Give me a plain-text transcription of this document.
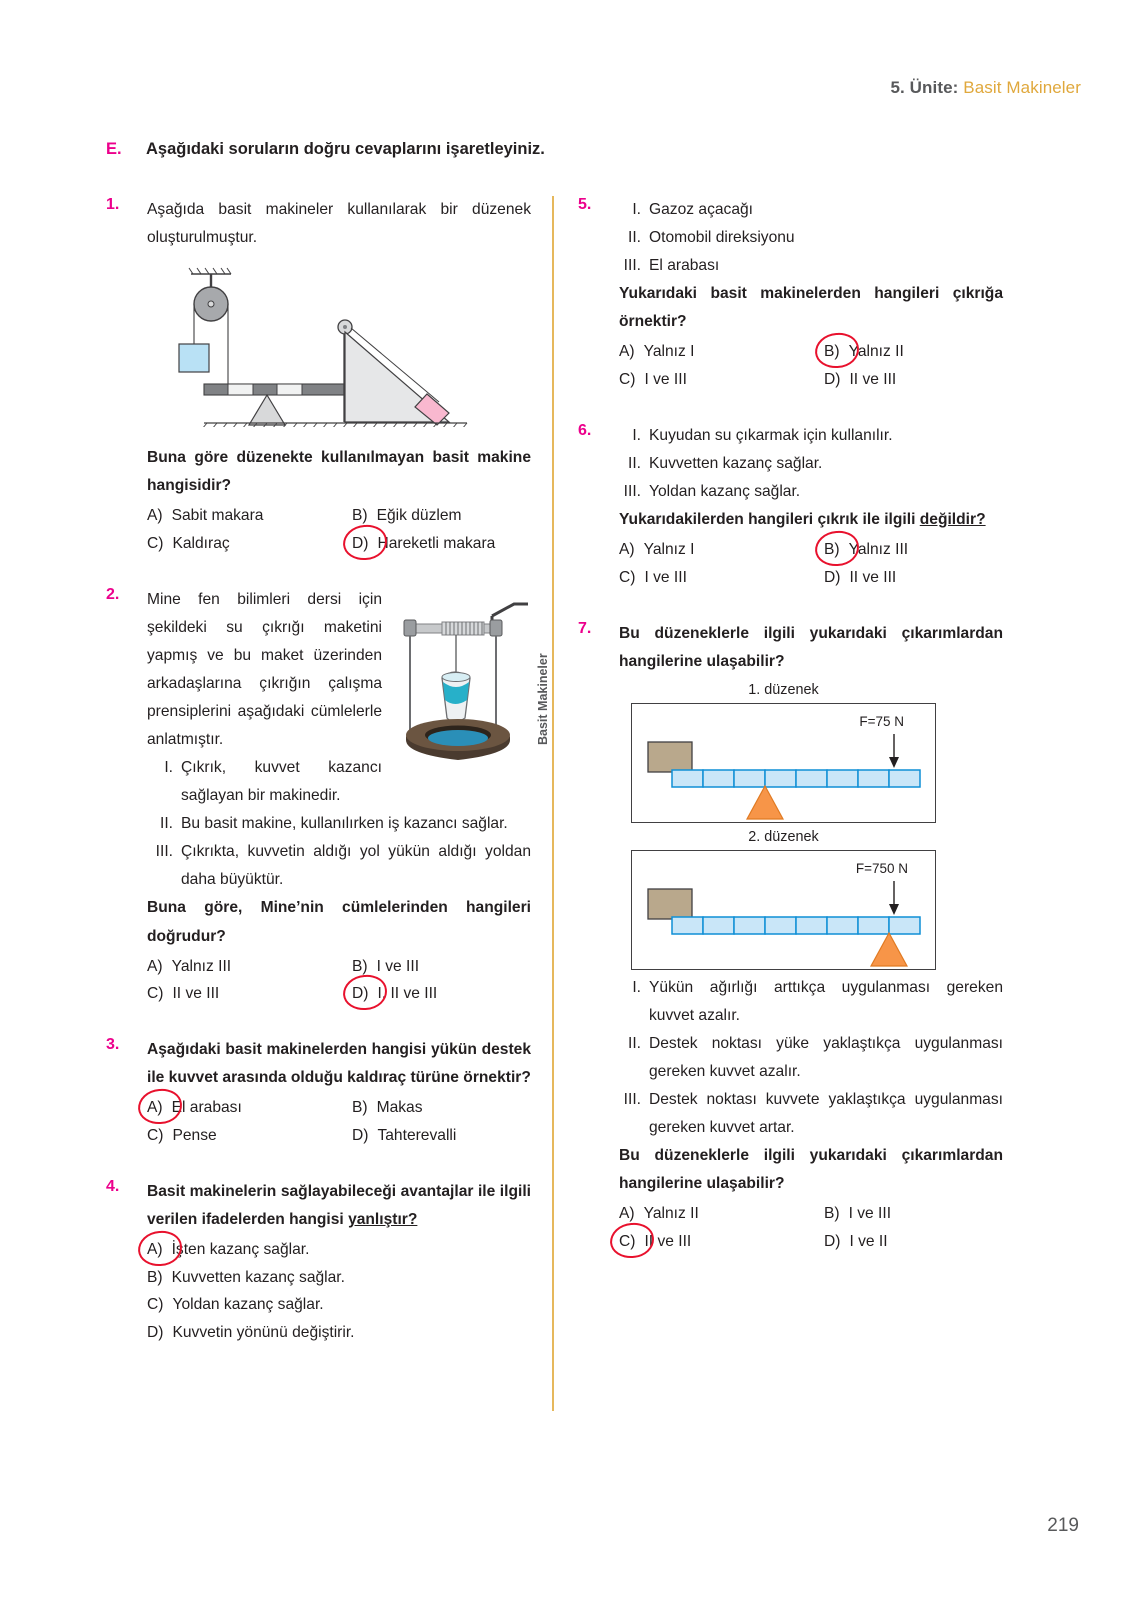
5. Ünite: Basit Makineler
E. Aşağıdaki soruların doğru cevaplarını işaretleyiniz.
Basit Makineler
1. Aşağıda basit makineler kullanılarak bir düzenek oluşturulmuştur.
Buna göre düzenekte kullanılmayan basit makine hangisidir?
A) Sabit makara	B) Eğik düzlem
C) Kaldıraç	D) Hareketli makara
2. Mine fen bilimleri dersi için şekildeki su çıkrığı maketini yapmış ve bu maket üzerinden arkadaşlarına çıkrığın çalışma prensiplerini aşağıdaki cümlelerle anlatmıştır.
I. Çıkrık, kuvvet kazancı sağlayan bir makinedir.
II. Bu basit makine, kullanılırken iş kazancı sağlar.
III. Çıkrıkta, kuvvetin aldığı yol yükün aldığı yoldan daha büyüktür.
Buna göre, Mine’nin cümlelerinden hangileri doğrudur?
A) Yalnız III	B) I ve III
C) II ve III	D) I, II ve III
3. Aşağıdaki basit makinelerden hangisi yükün destek ile kuvvet arasında olduğu kaldıraç türüne örnektir?
A) El arabası	B) Makas
C) Pense	D) Tahterevalli
4. Basit makinelerin sağlayabileceği avantajlar ile ilgili verilen ifadelerden hangisi yanlıştır?
A) İşten kazanç sağlar.
B) Kuvvetten kazanç sağlar.
C) Yoldan kazanç sağlar.
D) Kuvvetin yönünü değiştirir.
5.	I. Gazoz açacağı
II. Otomobil direksiyonu
III. El arabası
Yukarıdaki basit makinelerden hangileri çıkrığa örnektir?
A) Yalnız I	B) Yalnız II
C) I ve III	D) II ve III
6.	I. Kuyudan su çıkarmak için kullanılır.
II. Kuvvetten kazanç sağlar.
III. Yoldan kazanç sağlar.
Yukarıdakilerden hangileri çıkrık ile ilgili değildir?
A) Yalnız I	B) Yalnız III
C) I ve III	D) II ve III
7. Bu düzeneklerle ilgili yukarıdaki çıkarımlardan hangilerine ulaşabilir?
1. düzenek
F=75 N
2. düzenek
F=750 N
I. Yükün ağırlığı arttıkça uygulanması gereken kuvvet azalır.
II. Destek noktası yüke yaklaştıkça uygulanması gereken kuvvet azalır.
III. Destek noktası kuvvete yaklaştıkça uygulanması gereken kuvvet artar.
Bu düzeneklerle ilgili yukarıdaki çıkarımlardan hangilerine ulaşabilir?
A) Yalnız II	B) I ve III
C) II ve III	D) I ve II
219
